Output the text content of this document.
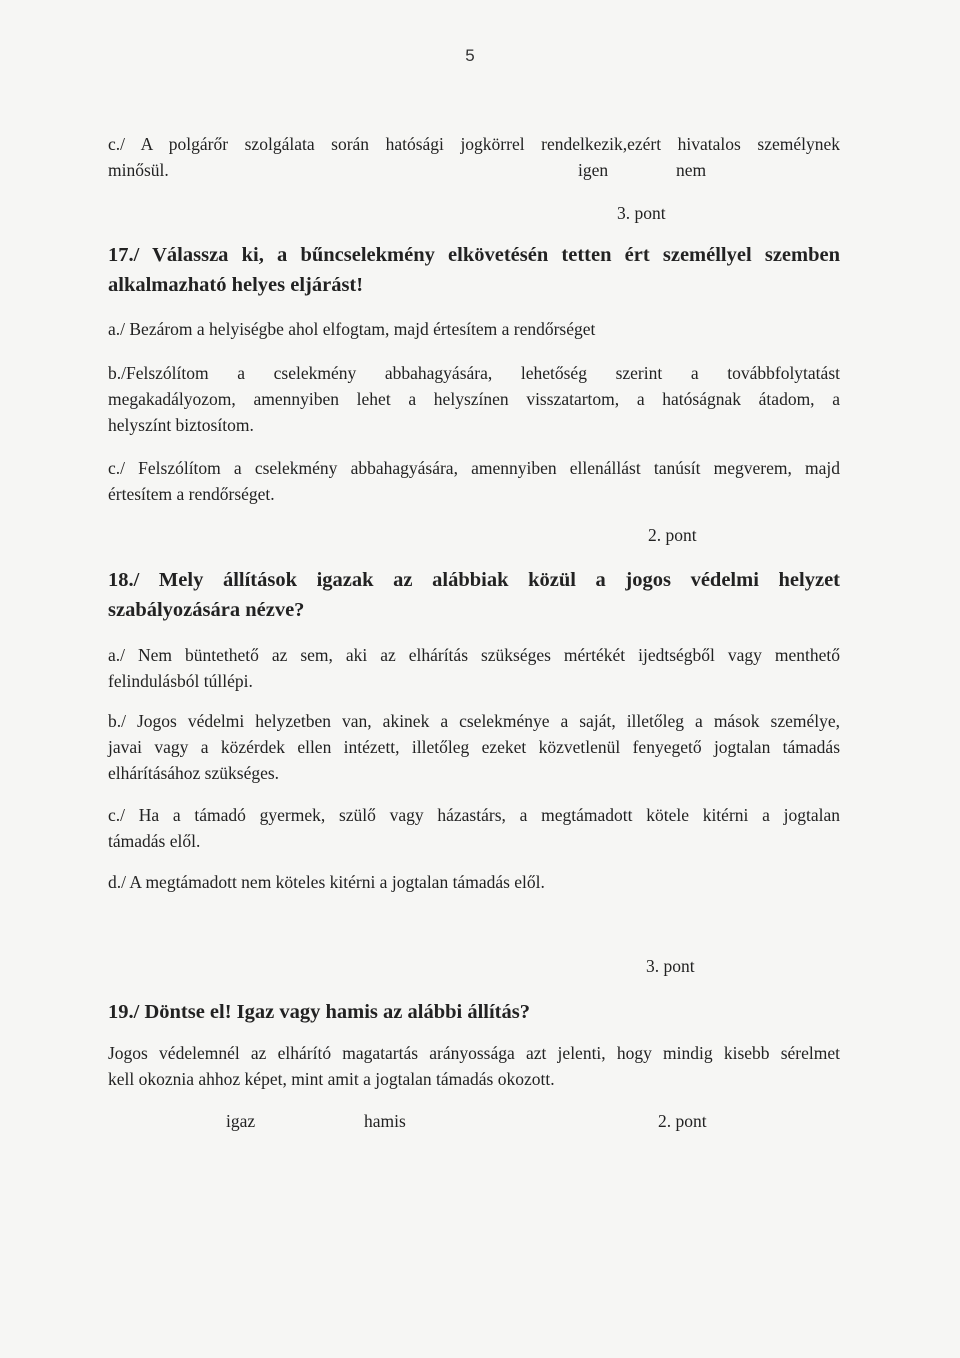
5

c./ A polgárőr szolgálata során hatósági jogkörrel rendelkezik,ezért hivatalos személynek
minősül.	igen	nem
3. pont

17./ Válassza ki, a bűncselekmény elkövetésén tetten ért személlyel szemben
alkalmazható helyes eljárást!

a./ Bezárom a helyiségbe ahol elfogtam, majd értesítem a rendőrséget

b./Felszólítom a cselekmény abbahagyására, lehetőség szerint a továbbfolytatást
megakadályozom, amennyiben lehet a helyszínen visszatartom, a hatóságnak átadom, a
helyszínt biztosítom.

c./ Felszólítom a cselekmény abbahagyására, amennyiben ellenállást tanúsít megverem, majd
értesítem a rendőrséget.

2. pont

18./ Mely állítások igazak az alábbiak közül a jogos védelmi helyzet
szabályozására nézve?

a./ Nem büntethető az sem, aki az elhárítás szükséges mértékét ijedtségből vagy menthető
felindulásból túllépi.

b./ Jogos védelmi helyzetben van, akinek a cselekménye a saját, illetőleg a mások személye,
javai vagy a közérdek ellen intézett, illetőleg ezeket közvetlenül fenyegető jogtalan támadás
elhárításához szükséges.

c./ Ha a támadó gyermek, szülő vagy házastárs, a megtámadott kötele kitérni a jogtalan
támadás elől.

d./ A megtámadott nem köteles kitérni a jogtalan támadás elől.

3. pont

19./ Döntse el! Igaz vagy hamis az alábbi állítás?

Jogos védelemnél az elhárító magatartás arányossága azt jelenti, hogy mindig kisebb sérelmet
kell okoznia ahhoz képet, mint amit a jogtalan támadás okozott.

igaz	hamis	2. pont
